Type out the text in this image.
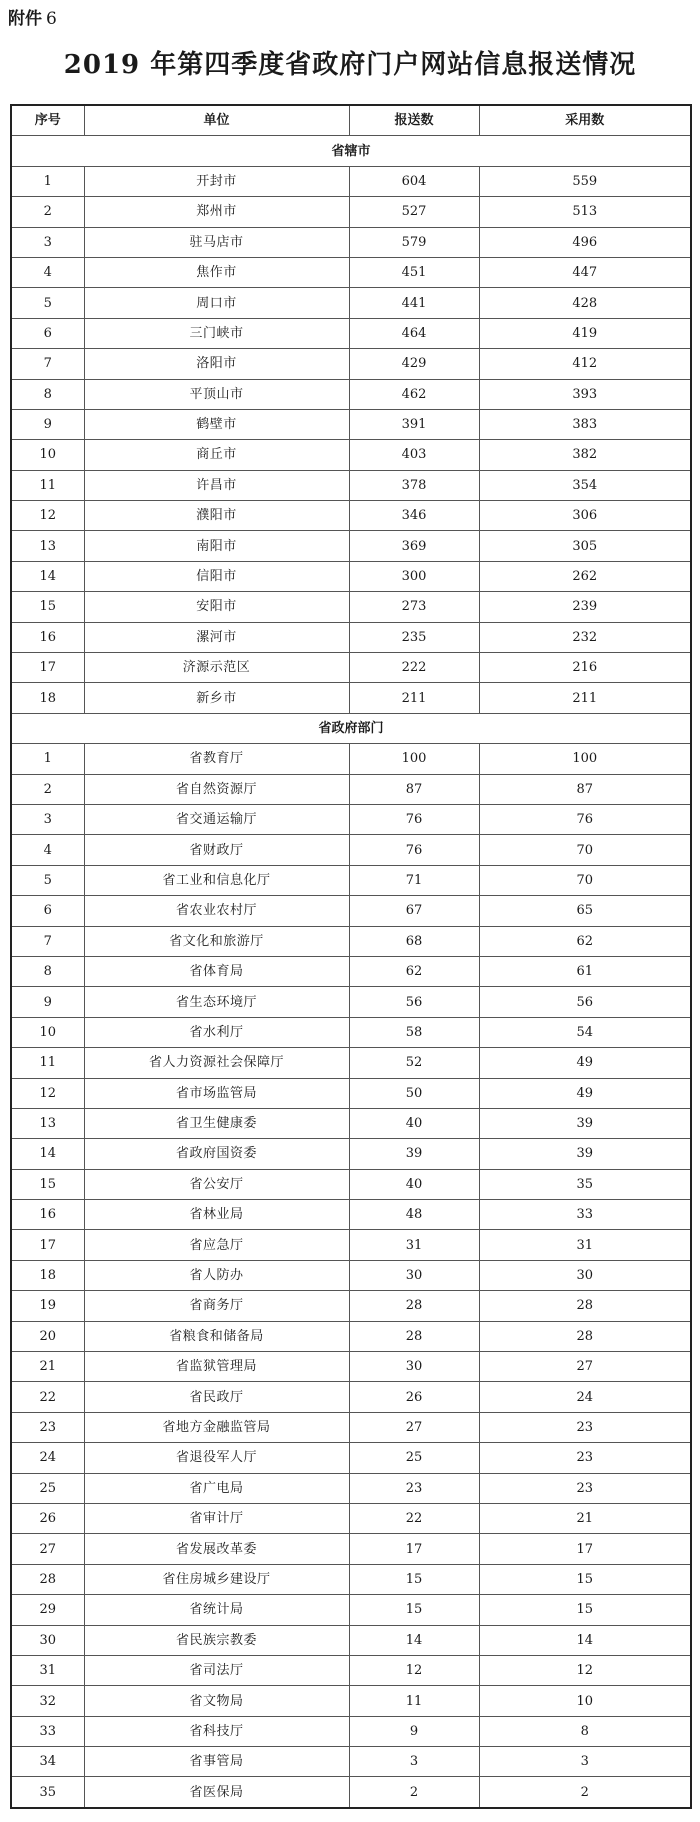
附件 6
2019 年第四季度省政府门户网站信息报送情况
序号	单位	报送数	采用数
省辖市			
1	开封市	604	559
2	郑州市	527	513
3	驻马店市	579	496
4	焦作市	451	447
5	周口市	441	428
6	三门峡市	464	419
7	洛阳市	429	412
8	平顶山市	462	393
9	鹤壁市	391	383
10	商丘市	403	382
11	许昌市	378	354
12	濮阳市	346	306
13	南阳市	369	305
14	信阳市	300	262
15	安阳市	273	239
16	漯河市	235	232
17	济源示范区	222	216
18	新乡市	211	211
省政府部门			
1	省教育厅	100	100
2	省自然资源厅	87	87
3	省交通运输厅	76	76
4	省财政厅	76	70
5	省工业和信息化厅	71	70
6	省农业农村厅	67	65
7	省文化和旅游厅	68	62
8	省体育局	62	61
9	省生态环境厅	56	56
10	省水利厅	58	54
11	省人力资源社会保障厅	52	49
12	省市场监管局	50	49
13	省卫生健康委	40	39
14	省政府国资委	39	39
15	省公安厅	40	35
16	省林业局	48	33
17	省应急厅	31	31
18	省人防办	30	30
19	省商务厅	28	28
20	省粮食和储备局	28	28
21	省监狱管理局	30	27
22	省民政厅	26	24
23	省地方金融监管局	27	23
24	省退役军人厅	25	23
25	省广电局	23	23
26	省审计厅	22	21
27	省发展改革委	17	17
28	省住房城乡建设厅	15	15
29	省统计局	15	15
30	省民族宗教委	14	14
31	省司法厅	12	12
32	省文物局	11	10
33	省科技厅	9	8
34	省事管局	3	3
35	省医保局	2	2
